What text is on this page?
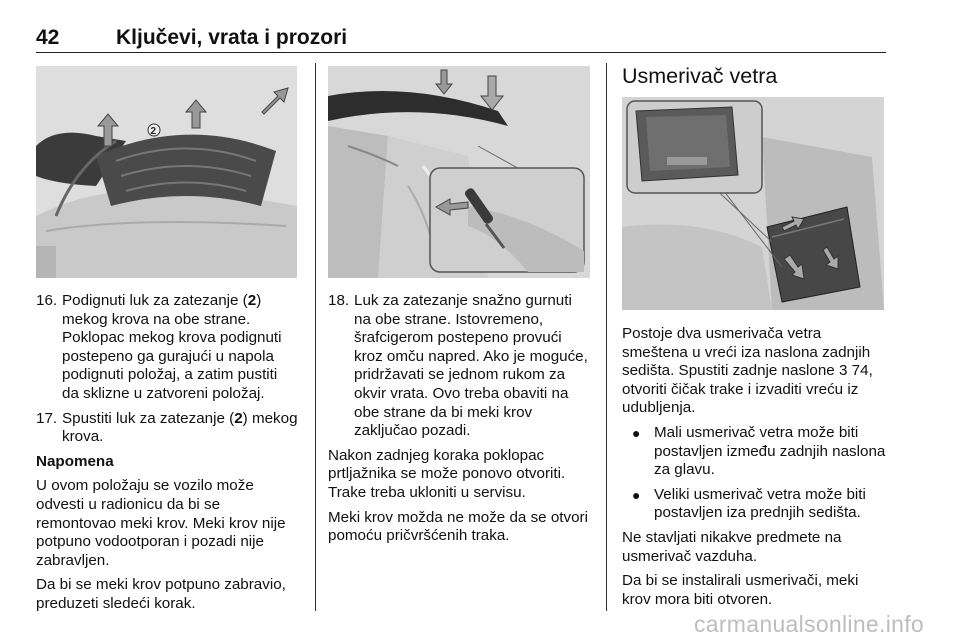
42	Ključevi, vrata i prozori
2
16. Podignuti luk za zatezanje (2) mekog krova na obe strane. Poklopac mekog krova podignuti postepeno ga gurajući u napola podignuti položaj, a zatim pustiti da sklizne u zatvoreni položaj.
17. Spustiti luk za zatezanje (2) mekog krova.

Napomena

U ovom položaju se vozilo može odvesti u radionicu da bi se remontovao meki krov. Meki krov nije potpuno vodootporan i pozadi nije zabravljen.

Da bi se meki krov potpuno zabravio, preduzeti sledeći korak.

18. Luk za zatezanje snažno gurnuti na obe strane. Istovremeno, šrafcigerom postepeno provući kroz omču napred. Ako je moguće, pridržavati se jednom rukom za okvir vrata. Ovo treba obaviti na obe strane da bi meki krov zaključao pozadi.

Nakon zadnjeg koraka poklopac prtljažnika se može ponovo otvoriti. Trake treba ukloniti u servisu.

Meki krov možda ne može da se otvori pomoću pričvršćenih traka.

Usmerivač vetra

Postoje dva usmerivača vetra smeštena u vreći iza naslona zadnjih sedišta. Spustiti zadnje naslone 3 74, otvoriti čičak trake i izvaditi vreću iz udubljenja.

● Mali usmerivač vetra može biti postavljen između zadnjih naslona za glavu.
● Veliki usmerivač vetra može biti postavljen iza prednjih sedišta.

Ne stavljati nikakve predmete na usmerivač vazduha.

Da bi se instalirali usmerivači, meki krov mora biti otvoren.

carmanualsonline.info
